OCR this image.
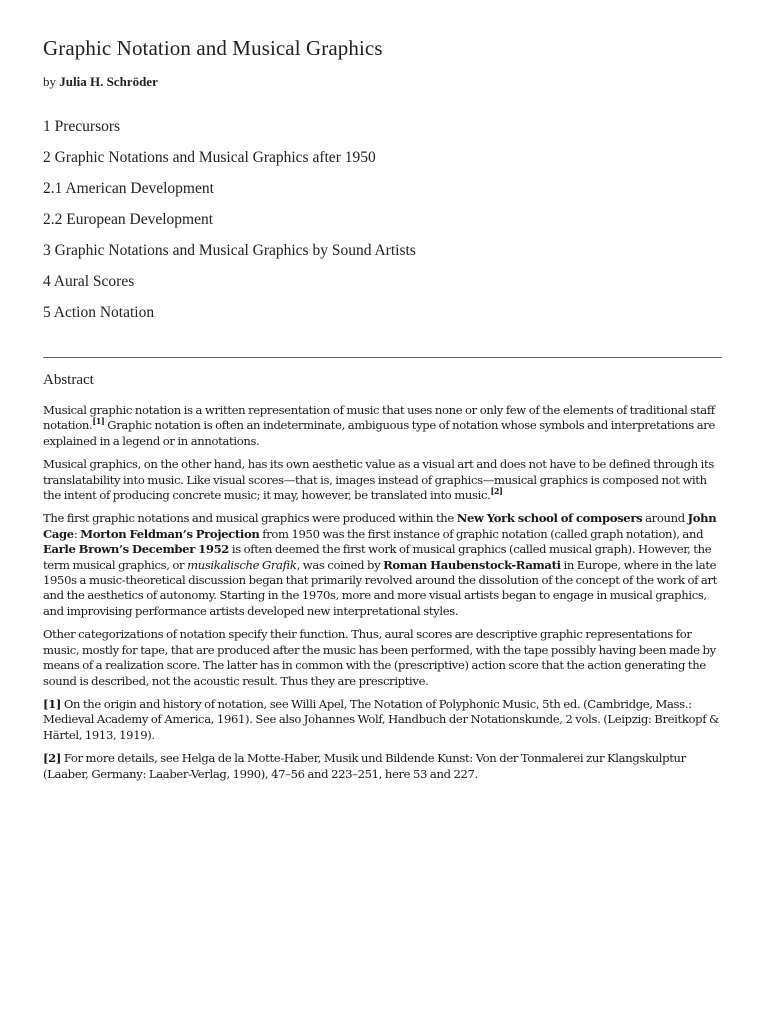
Graphic Notation and Musical Graphics
by Julia H. Schröder
1 Precursors
2 Graphic Notations and Musical Graphics after 1950
2.1 American Development
2.2 European Development
3 Graphic Notations and Musical Graphics by Sound Artists
4 Aural Scores
5 Action Notation
Abstract

Musical graphic notation is a written representation of music that uses none or only few of the elements of traditional staff notation.[1] Graphic notation is often an indeterminate, ambiguous type of notation whose symbols and interpretations are explained in a legend or in annotations.

Musical graphics, on the other hand, has its own aesthetic value as a visual art and does not have to be defined through its translatability into music. Like visual scores—that is, images instead of graphics—musical graphics is composed not with the intent of producing concrete music; it may, however, be translated into music.[2]

The first graphic notations and musical graphics were produced within the New York school of composers around John Cage: Morton Feldman’s Projection from 1950 was the first instance of graphic notation (called graph notation), and Earle Brown’s December 1952 is often deemed the first work of musical graphics (called musical graph). However, the term musical graphics, or musikalische Grafik, was coined by Roman Haubenstock-Ramati in Europe, where in the late 1950s a music-theoretical discussion began that primarily revolved around the dissolution of the concept of the work of art and the aesthetics of autonomy. Starting in the 1970s, more and more visual artists began to engage in musical graphics, and improvising performance artists developed new interpretational styles.

Other categorizations of notation specify their function. Thus, aural scores are descriptive graphic representations for music, mostly for tape, that are produced after the music has been performed, with the tape possibly having been made by means of a realization score. The latter has in common with the (prescriptive) action score that the action generating the sound is described, not the acoustic result. Thus they are prescriptive.

[1] On the origin and history of notation, see Willi Apel, The Notation of Polyphonic Music, 5th ed. (Cambridge, Mass.: Medieval Academy of America, 1961). See also Johannes Wolf, Handbuch der Notationskunde, 2 vols. (Leipzig: Breitkopf & Härtel, 1913, 1919).

[2] For more details, see Helga de la Motte-Haber, Musik und Bildende Kunst: Von der Tonmalerei zur Klangskulptur (Laaber, Germany: Laaber-Verlag, 1990), 47–56 and 223–251, here 53 and 227.
